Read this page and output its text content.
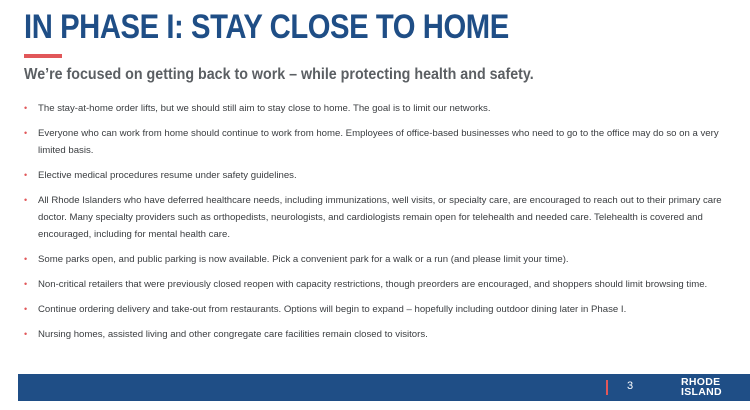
IN PHASE I: STAY CLOSE TO HOME
We’re focused on getting back to work – while protecting health and safety.
• The stay-at-home order lifts, but we should still aim to stay close to home. The goal is to limit our networks.
• Everyone who can work from home should continue to work from home. Employees of office-based businesses who need to go to the office may do so on a very limited basis.
• Elective medical procedures resume under safety guidelines.
• All Rhode Islanders who have deferred healthcare needs, including immunizations, well visits, or specialty care, are encouraged to reach out to their primary care doctor. Many specialty providers such as orthopedists, neurologists, and cardiologists remain open for telehealth and needed care. Telehealth is covered and encouraged, including for mental health care.
• Some parks open, and public parking is now available. Pick a convenient park for a walk or a run (and please limit your time).
• Non-critical retailers that were previously closed reopen with capacity restrictions, though preorders are encouraged, and shoppers should limit browsing time.
• Continue ordering delivery and take-out from restaurants. Options will begin to expand – hopefully including outdoor dining later in Phase I.
• Nursing homes, assisted living and other congregate care facilities remain closed to visitors.
3	RHODE
ISLAND
